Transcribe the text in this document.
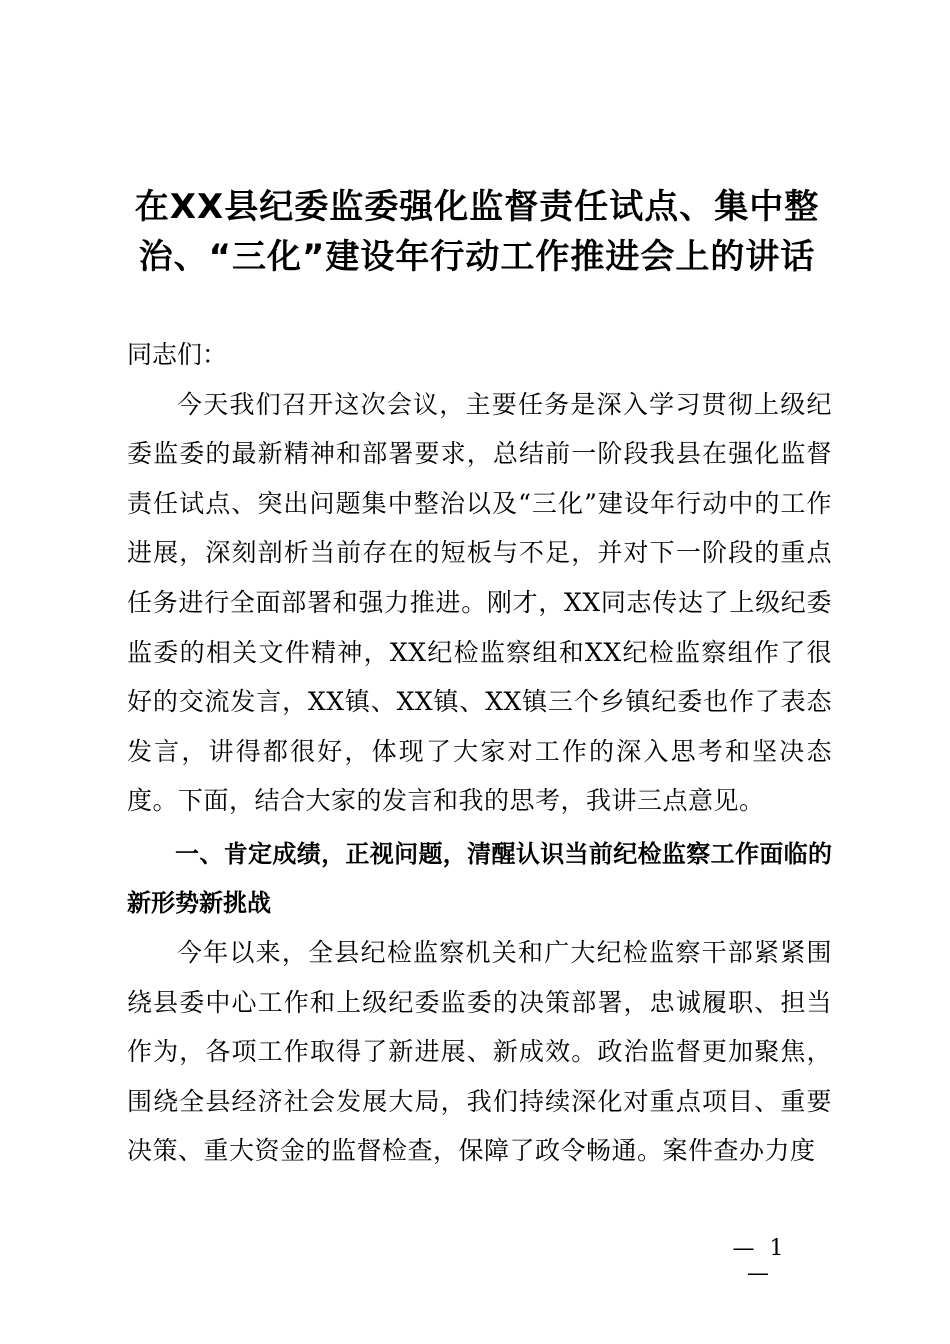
在XX县纪委监委强化监督责任试点、集中整
治、“三化”建设年行动工作推进会上的讲话

同志们：

今天我们召开这次会议，主要任务是深入学习贯彻上级纪委监委的最新精神和部署要求，总结前一阶段我县在强化监督责任试点、突出问题集中整治以及“三化”建设年行动中的工作进展，深刻剖析当前存在的短板与不足，并对下一阶段的重点任务进行全面部署和强力推进。刚才，XX同志传达了上级纪委监委的相关文件精神，XX纪检监察组和XX纪检监察组作了很好的交流发言，XX镇、XX镇、XX镇三个乡镇纪委也作了表态发言，讲得都很好，体现了大家对工作的深入思考和坚决态度。下面，结合大家的发言和我的思考，我讲三点意见。

一、肯定成绩，正视问题，清醒认识当前纪检监察工作面临的新形势新挑战

今年以来，全县纪检监察机关和广大纪检监察干部紧紧围绕县委中心工作和上级纪委监委的决策部署，忠诚履职、担当作为，各项工作取得了新进展、新成效。政治监督更加聚焦，围绕全县经济社会发展大局，我们持续深化对重点项目、重要决策、重大资金的监督检查，保障了政令畅通。案件查办力度

— 1 —
